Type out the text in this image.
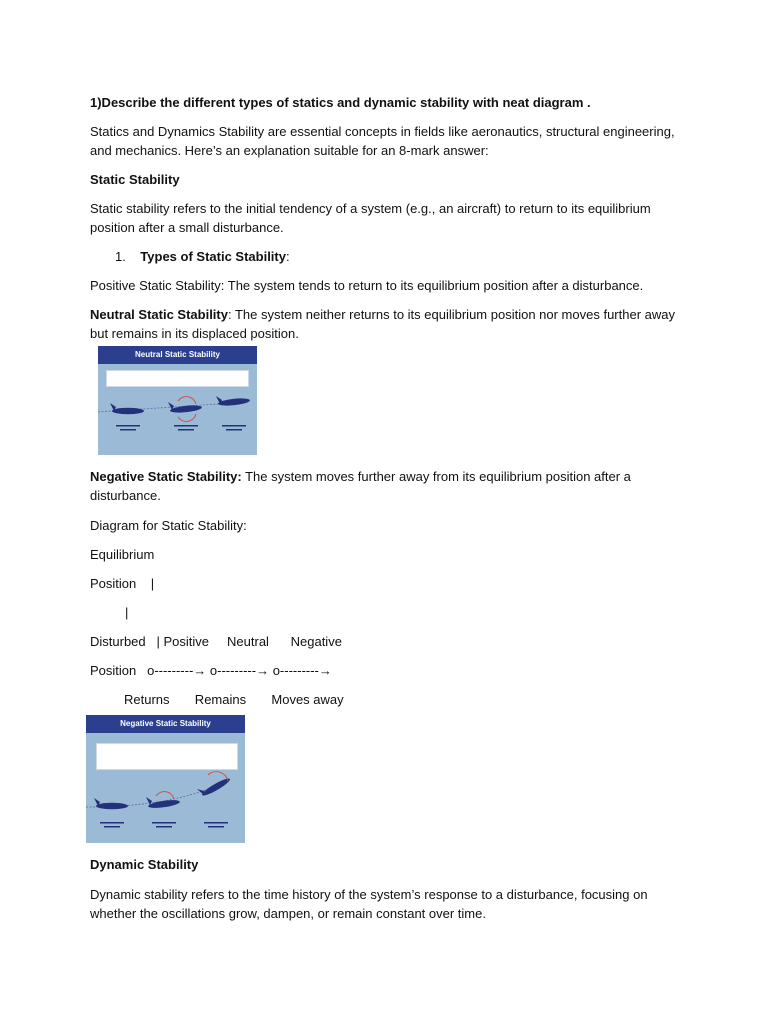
1)Describe the different types of statics and dynamic stability with neat diagram .
Statics and Dynamics Stability are essential concepts in fields like aeronautics, structural engineering,
and mechanics. Here’s an explanation suitable for an 8-mark answer:
Static Stability
Static stability refers to the initial tendency of a system (e.g., an aircraft) to return to its equilibrium
position after a small disturbance.
1. Types of Static Stability:
Positive Static Stability: The system tends to return to its equilibrium position after a disturbance.
Neutral Static Stability: The system neither returns to its equilibrium position nor moves further away
but remains in its displaced position.
Neutral Static Stability
Negative Static Stability: The system moves further away from its equilibrium position after a
disturbance.
Diagram for Static Stability:
Equilibrium
Position    |
|
Disturbed   | Positive     Neutral      Negative
Position   o---------→ o---------→ o---------→
Returns       Remains       Moves away
Negative Static Stability
Dynamic Stability
Dynamic stability refers to the time history of the system’s response to a disturbance, focusing on
whether the oscillations grow, dampen, or remain constant over time.
